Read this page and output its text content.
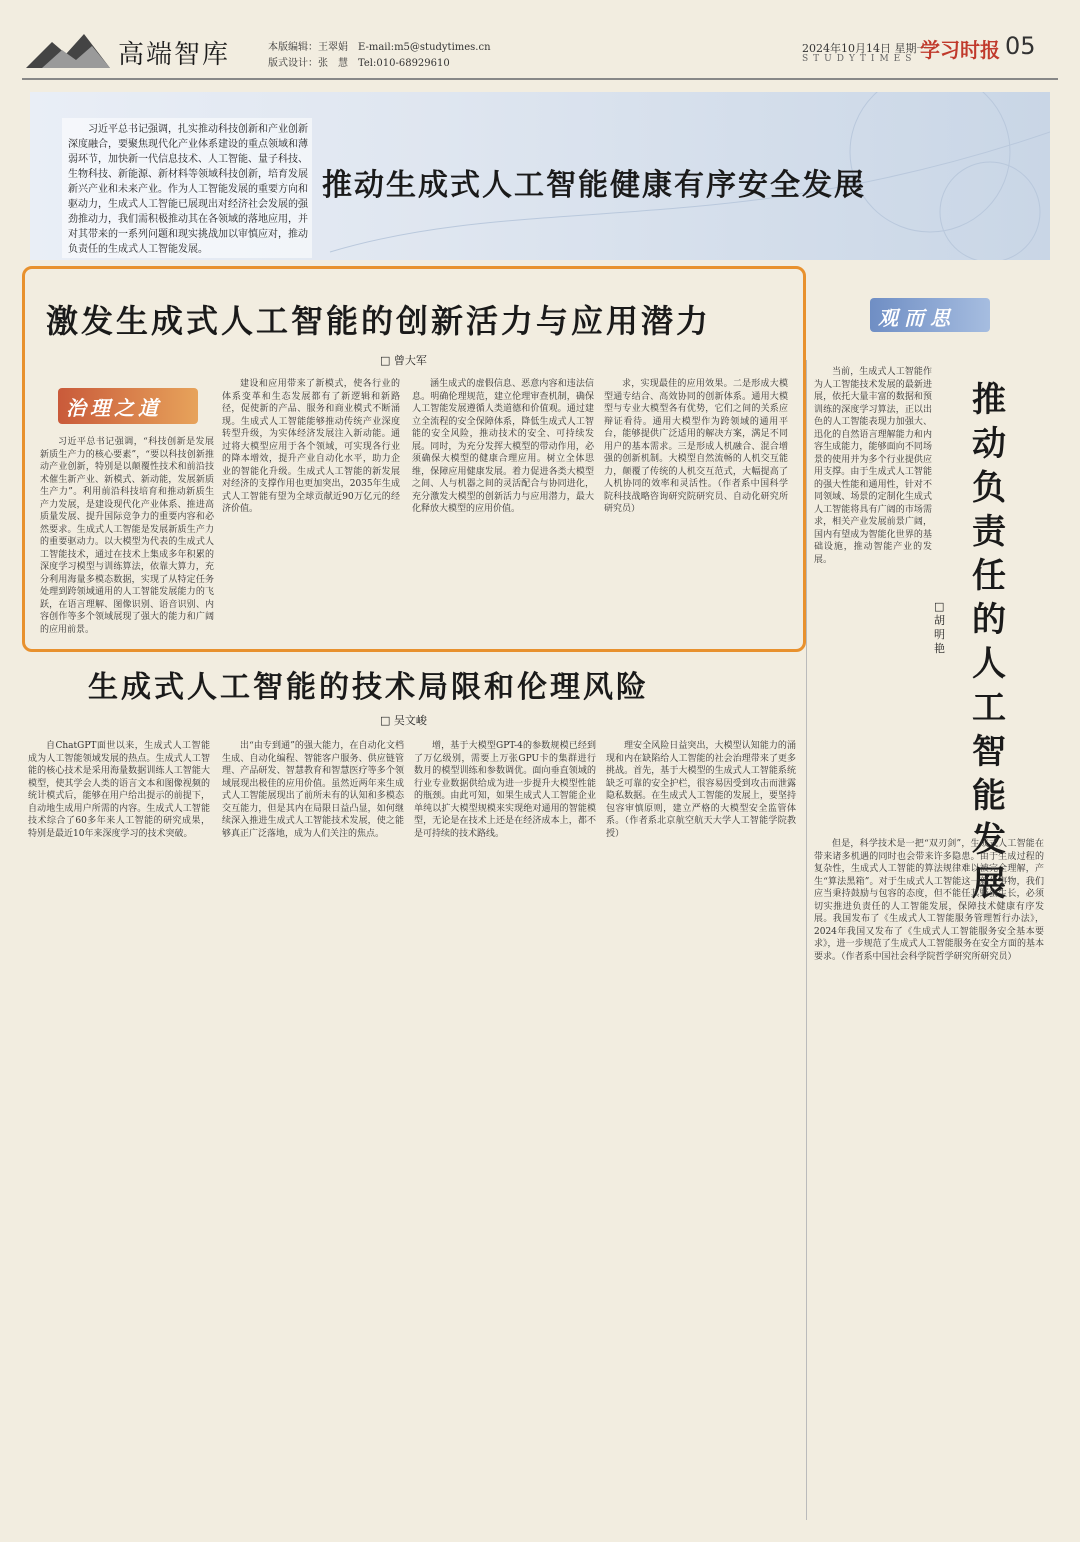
高端智库	本版编辑：王翠娟
版式设计：张　慧
E-mail:m5@studytimes.cn
Tel:010-68929610
2024年10月14日 星期一
STUDYTIMES 学习时报 05
习近平总书记强调，扎实推动科技创新和产业创新深度融合，要聚焦现代化产业体系建设的重点领域和薄弱环节，加快新一代信息技术、人工智能、量子科技、生物科技、新能源、新材料等领域科技创新，培育发展新兴产业和未来产业。作为人工智能发展的重要方向和驱动力，生成式人工智能已展现出对经济社会发展的强劲推动力，我们需积极推动其在各领域的落地应用，并对其带来的一系列问题和现实挑战加以审慎应对，推动负责任的生成式人工智能发展。
推动生成式人工智能健康有序安全发展
激发生成式人工智能的创新活力与应用潜力
□ 曾大军
治理之道
习近平总书记强调，“科技创新是发展新质生产力的核心要素”，“要以科技创新推动产业创新，特别是以颠覆性技术和前沿技术催生新产业、新模式、新动能，发展新质生产力”。利用前沿科技培育和推动新质生产力发展，是建设现代化产业体系、推进高质量发展、提升国际竞争力的重要内容和必然要求。生成式人工智能是发展新质生产力的重要驱动力。以大模型为代表的生成式人工智能技术，通过在技术上集成多年积累的深度学习模型与训练算法，依靠大算力，充分利用海量多模态数据，实现了从特定任务处理到跨领域通用的人工智能发展能力的飞跃，在语言理解、图像识别、语音识别、内容创作等多个领域展现了强大的能力和广阔的应用前景。
建设和应用带来了新模式，使各行业的体系变革和生态发展都有了新逻辑和新路径，促使新的产品、服务和商业模式不断涌现。生成式人工智能能够推动传统产业深度转型升级，为实体经济发展注入新动能。通过将大模型应用于各个领域，可实现各行业的降本增效，提升产业自动化水平，助力企业的智能化升级。生成式人工智能的新发展对经济的支撑作用也更加突出，2035年生成式人工智能有望为全球贡献近90万亿元的经济价值。
涵生成式的虚假信息、恶意内容和违法信息。明确伦理规范，建立伦理审查机制，确保人工智能发展遵循人类道德和价值观。通过建立全流程的安全保障体系，降低生成式人工智能的安全风险，推动技术的安全、可持续发展。同时，为充分发挥大模型的带动作用，必须确保大模型的健康合理应用。树立全体思维，保障应用健康发展。着力促进各类大模型之间、人与机器之间的灵活配合与协同进化，充分激发大模型的创新活力与应用潜力，最大化释放大模型的应用价值。
求，实现最佳的应用效果。二是形成大模型通专结合、高效协同的创新体系。通用大模型与专业大模型各有优势，它们之间的关系应辩证看待。通用大模型作为跨领域的通用平台，能够提供广泛适用的解决方案，满足不同用户的基本需求。三是形成人机融合、混合增强的创新机制。大模型自然流畅的人机交互能力，颠覆了传统的人机交互范式，大幅提高了人机协同的效率和灵活性。（作者系中国科学院科技战略咨询研究院研究员、自动化研究所研究员）
生成式人工智能的技术局限和伦理风险
□ 吴文峻
自ChatGPT面世以来，生成式人工智能成为人工智能领域发展的热点。生成式人工智能的核心技术是采用海量数据训练人工智能大模型，使其学会人类的语言文本和图像视频的统计模式后，能够在用户给出提示的前提下，自动地生成用户所需的内容。生成式人工智能技术综合了60多年来人工智能的研究成果，特别是最近10年来深度学习的技术突破。
出“由专到通”的强大能力，在自动化文档生成、自动化编程、智能客户服务、供应链管理、产品研发、智慧教育和智慧医疗等多个领域展现出极佳的应用价值。虽然近两年来生成式人工智能展现出了前所未有的认知和多模态交互能力，但是其内在局限日益凸显，如何继续深入推进生成式人工智能技术发展，使之能够真正广泛落地，成为人们关注的焦点。
增，基于大模型GPT-4的参数规模已经到了万亿级别，需要上万张GPU卡的集群进行数月的模型训练和参数调优。面向垂直领域的行业专业数据供给成为进一步提升大模型性能的瓶颈。由此可知，如果生成式人工智能企业单纯以扩大模型规模来实现绝对通用的智能模型，无论是在技术上还是在经济成本上，都不是可持续的技术路线。
理安全风险日益突出，大模型认知能力的涌现和内在缺陷给人工智能的社会治理带来了更多挑战。首先，基于大模型的生成式人工智能系统缺乏可靠的安全护栏，很容易因受到攻击而泄露隐私数据。在生成式人工智能的发展上，要坚持包容审慎原则，建立严格的大模型安全监管体系。（作者系北京航空航天大学人工智能学院教授）
观而思
推动负责任的人工智能发展
□ 胡明艳
当前，生成式人工智能作为人工智能技术发展的最新进展，依托大量丰富的数据和预训练的深度学习算法，正以出色的人工智能表现力加强大、迅化的自然语言理解能力和内容生成能力，能够面向不同场景的使用并为多个行业提供应用支撑。由于生成式人工智能的强大性能和通用性，针对不同领域、场景的定制化生成式人工智能将具有广阔的市场需求，相关产业发展前景广阔，国内有望成为智能化世界的基础设施，推动智能产业的发展。
但是，科学技术是一把“双刃剑”，生成式人工智能在带来诸多机遇的同时也会带来许多隐患。由于生成过程的复杂性，生成式人工智能的算法规律难以被完全理解，产生“算法黑箱”。对于生成式人工智能这一新生事物，我们应当秉持鼓励与包容的态度，但不能任其野蛮生长，必须切实推进负责任的人工智能发展，保障技术健康有序发展。我国发布了《生成式人工智能服务管理暂行办法》，2024年我国又发布了《生成式人工智能服务安全基本要求》，进一步规范了生成式人工智能服务在安全方面的基本要求。（作者系中国社会科学院哲学研究所研究员）
